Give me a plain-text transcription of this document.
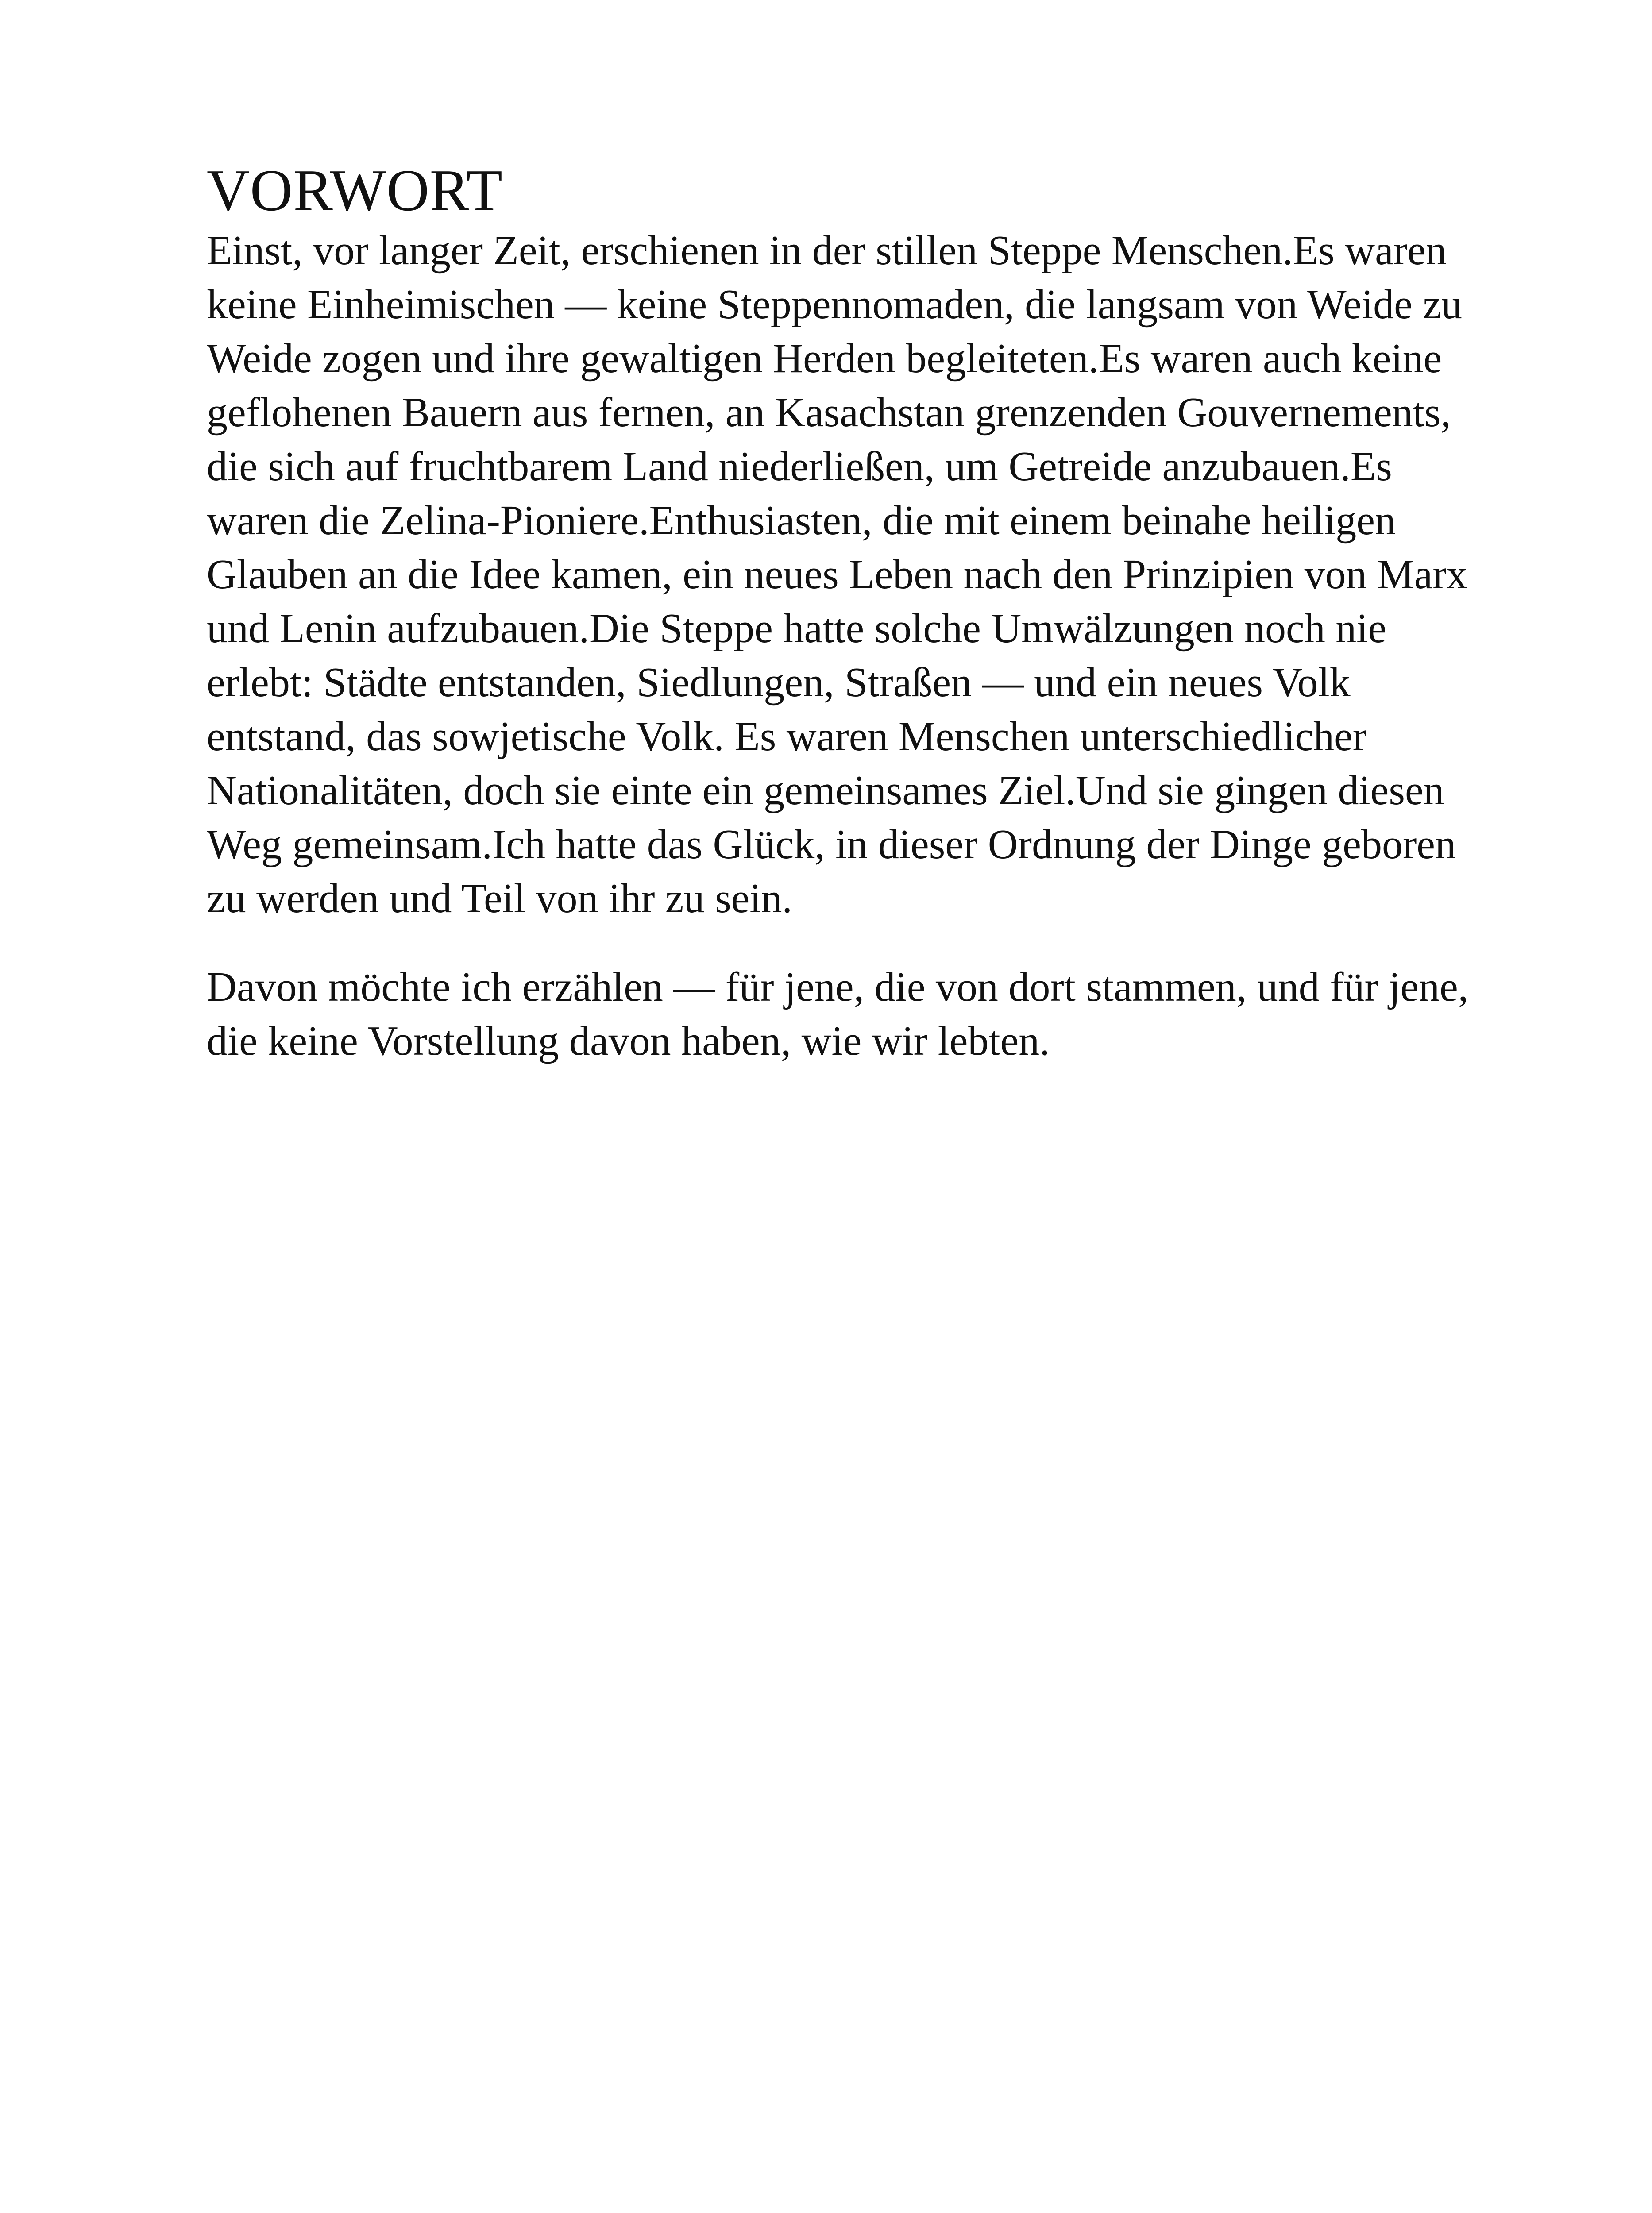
VORWORT

Einst, vor langer Zeit, erschienen in der stillen Steppe Menschen.Es waren keine Einheimischen — keine Steppennomaden, die langsam von Weide zu Weide zogen und ihre gewaltigen Herden begleiteten.Es waren auch keine geflohenen Bauern aus fernen, an Kasachstan grenzenden Gouvernements, die sich auf fruchtbarem Land niederließen, um Getreide anzubauen.Es waren die Zelina-Pioniere.Enthusiasten, die mit einem beinahe heiligen Glauben an die Idee kamen, ein neues Leben nach den Prinzipien von Marx und Lenin aufzubauen.Die Steppe hatte solche Umwälzungen noch nie erlebt: Städte entstanden, Siedlungen, Straßen — und ein neues Volk entstand, das sowjetische Volk. Es waren Menschen unterschiedlicher Nationalitäten, doch sie einte ein gemeinsames Ziel.Und sie gingen diesen Weg gemeinsam.Ich hatte das Glück, in dieser Ordnung der Dinge geboren zu werden und Teil von ihr zu sein.

Davon möchte ich erzählen — für jene, die von dort stammen, und für jene, die keine Vorstellung davon haben, wie wir lebten.
